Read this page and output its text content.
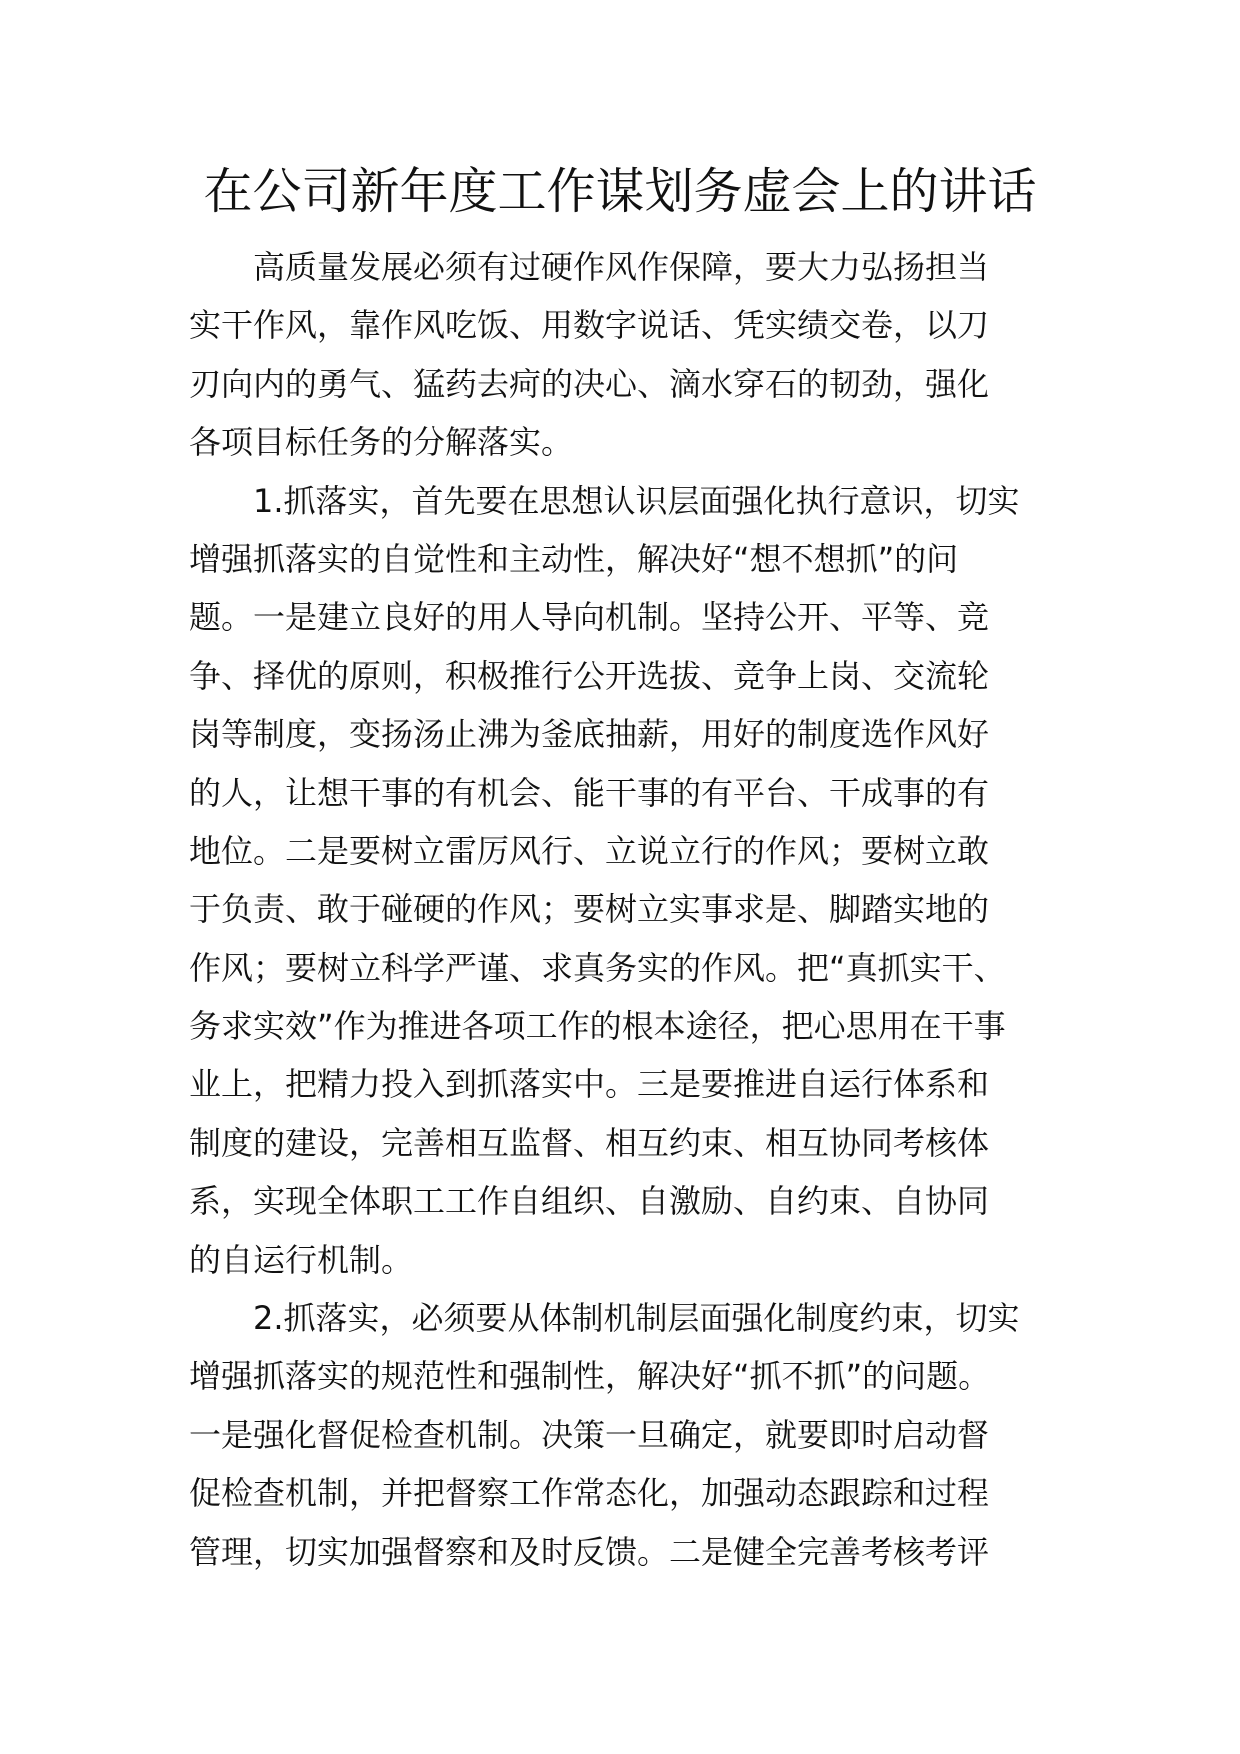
在公司新年度工作谋划务虚会上的讲话
高质量发展必须有过硬作风作保障，要大力弘扬担当
实干作风，靠作风吃饭、用数字说话、凭实绩交卷，以刀
刃向内的勇气、猛药去疴的决心、滴水穿石的韧劲，强化
各项目标任务的分解落实。
1.抓落实，首先要在思想认识层面强化执行意识，切实
增强抓落实的自觉性和主动性，解决好“想不想抓”的问
题。一是建立良好的用人导向机制。坚持公开、平等、竞
争、择优的原则，积极推行公开选拔、竞争上岗、交流轮
岗等制度，变扬汤止沸为釜底抽薪，用好的制度选作风好
的人，让想干事的有机会、能干事的有平台、干成事的有
地位。二是要树立雷厉风行、立说立行的作风；要树立敢
于负责、敢于碰硬的作风；要树立实事求是、脚踏实地的
作风；要树立科学严谨、求真务实的作风。把“真抓实干、
务求实效”作为推进各项工作的根本途径，把心思用在干事
业上，把精力投入到抓落实中。三是要推进自运行体系和
制度的建设，完善相互监督、相互约束、相互协同考核体
系，实现全体职工工作自组织、自激励、自约束、自协同
的自运行机制。
2.抓落实，必须要从体制机制层面强化制度约束，切实
增强抓落实的规范性和强制性，解决好“抓不抓”的问题。
一是强化督促检查机制。决策一旦确定，就要即时启动督
促检查机制，并把督察工作常态化，加强动态跟踪和过程
管理，切实加强督察和及时反馈。二是健全完善考核考评
